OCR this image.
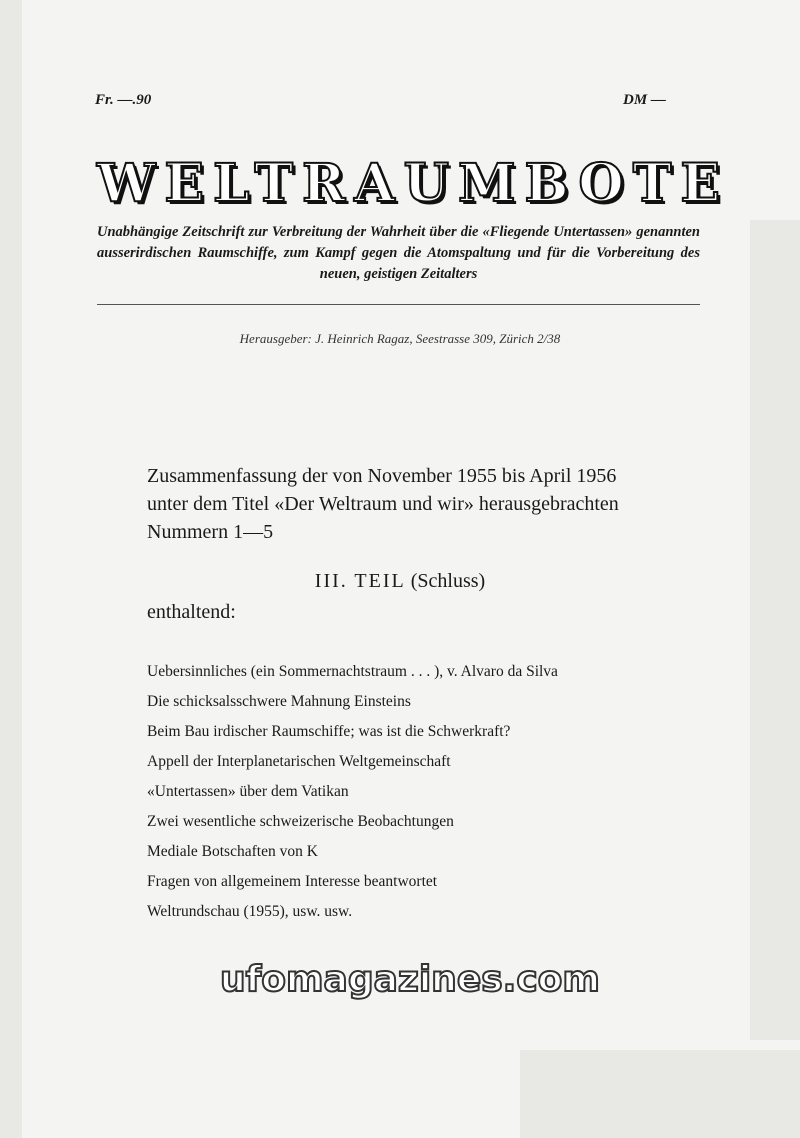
Fr. —.90	DM —
WELTRAUMBOTE
Unabhängige Zeitschrift zur Verbreitung der Wahrheit über die «Fliegende Untertassen» genannten ausserirdischen Raumschiffe, zum Kampf gegen die Atomspaltung und für die Vorbereitung des neuen, geistigen Zeitalters
Herausgeber: J. Heinrich Ragaz, Seestrasse 309, Zürich 2/38
Zusammenfassung der von November 1955 bis April 1956 unter dem Titel «Der Weltraum und wir» herausgebrachten Nummern 1—5
III. TEIL (Schluss)
enthaltend:
Uebersinnliches (ein Sommernachtstraum . . . ), v. Alvaro da Silva
Die schicksalsschwere Mahnung Einsteins
Beim Bau irdischer Raumschiffe; was ist die Schwerkraft?
Appell der Interplanetarischen Weltgemeinschaft
«Untertassen» über dem Vatikan
Zwei wesentliche schweizerische Beobachtungen
Mediale Botschaften von K
Fragen von allgemeinem Interesse beantwortet
Weltrundschau (1955), usw. usw.
ufomagazines.com
